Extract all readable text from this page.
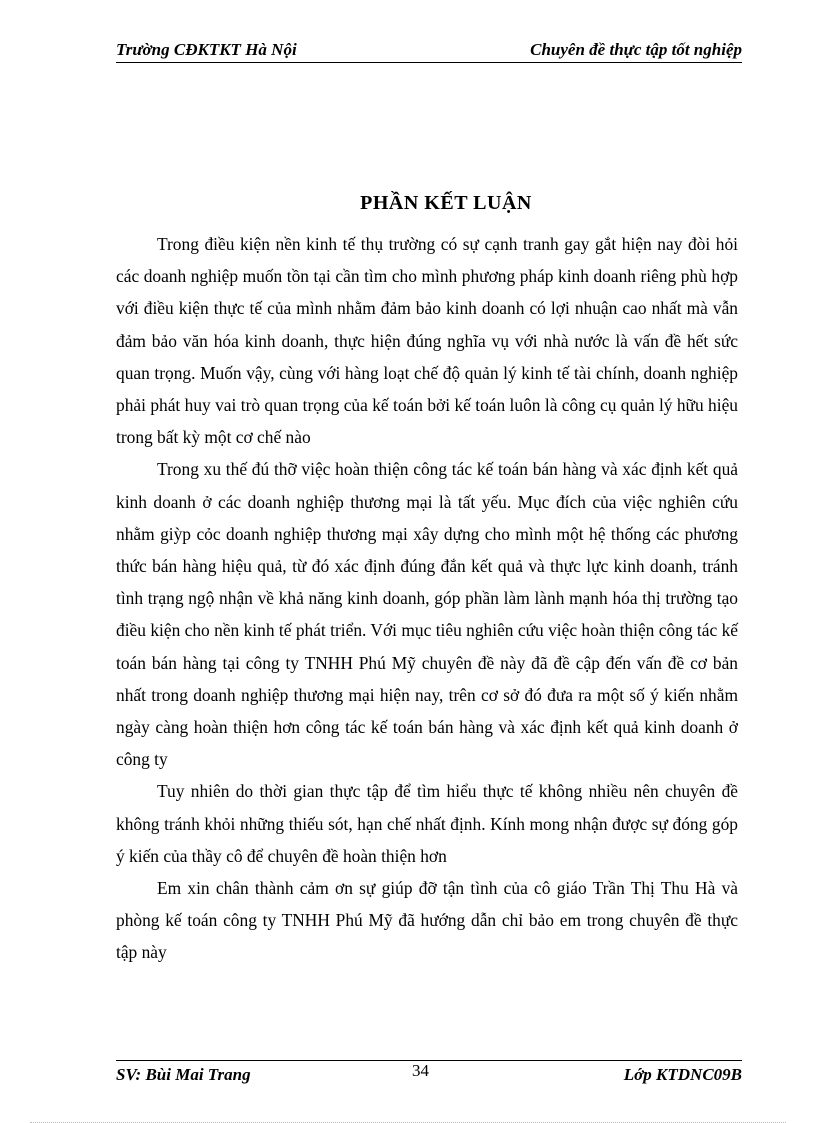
Trường CĐKTKT Hà Nội	Chuyên đề thực tập tốt nghiệp
PHẦN KẾT LUẬN

Trong điều kiện nền kinh tế thụ trường có sự cạnh tranh gay gắt hiện nay đòi hỏi các doanh nghiệp muốn tồn tại cần tìm cho mình phương pháp kinh doanh riêng phù hợp với điều kiện thực tế của mình nhằm đảm bảo kinh doanh có lợi nhuận cao nhất mà vẫn đảm bảo văn hóa kinh doanh, thực hiện đúng nghĩa vụ với nhà nước là vấn đề hết sức quan trọng. Muốn vậy, cùng với hàng loạt chế độ quản lý kinh tế tài chính, doanh nghiệp phải phát huy vai trò quan trọng của kế toán bởi kế toán luôn là công cụ quản lý hữu hiệu trong bất kỳ một cơ chế nào

Trong xu thế đú thỡ việc hoàn thiện công tác kế toán bán hàng và xác định kết quả kinh doanh ở các doanh nghiệp thương mại là tất yếu. Mục đích của việc nghiên cứu nhằm giỳp cỏc doanh nghiệp thương mại xây dựng cho mình một hệ thống các phương thức bán hàng hiệu quả, từ đó xác định đúng đắn kết quả và thực lực kinh doanh, tránh tình trạng ngộ nhận về khả năng kinh doanh, góp phần làm lành mạnh hóa thị trường tạo điều kiện cho nền kinh tế phát triển. Với mục tiêu nghiên cứu việc hoàn thiện công tác kế toán bán hàng tại công ty TNHH Phú Mỹ chuyên đề này đã đề cập đến vấn đề cơ bản nhất trong doanh nghiệp thương mại hiện nay, trên cơ sở đó đưa ra một số ý kiến nhằm ngày càng hoàn thiện hơn công tác kế toán bán hàng và xác định kết quả kinh doanh ở công ty

Tuy nhiên do thời gian thực tập để tìm hiểu thực tế không nhiều nên chuyên đề không tránh khỏi những thiếu sót, hạn chế nhất định. Kính mong nhận được sự đóng góp ý kiến của thầy cô để chuyên đề hoàn thiện hơn

Em xin chân thành cảm ơn sự giúp đỡ tận tình của cô giáo Trần Thị Thu Hà và phòng kế toán công ty TNHH Phú Mỹ đã hướng dẫn chỉ bảo em trong chuyên đề thực tập này

SV: Bùi Mai Trang	34	Lớp KTDNC09B
